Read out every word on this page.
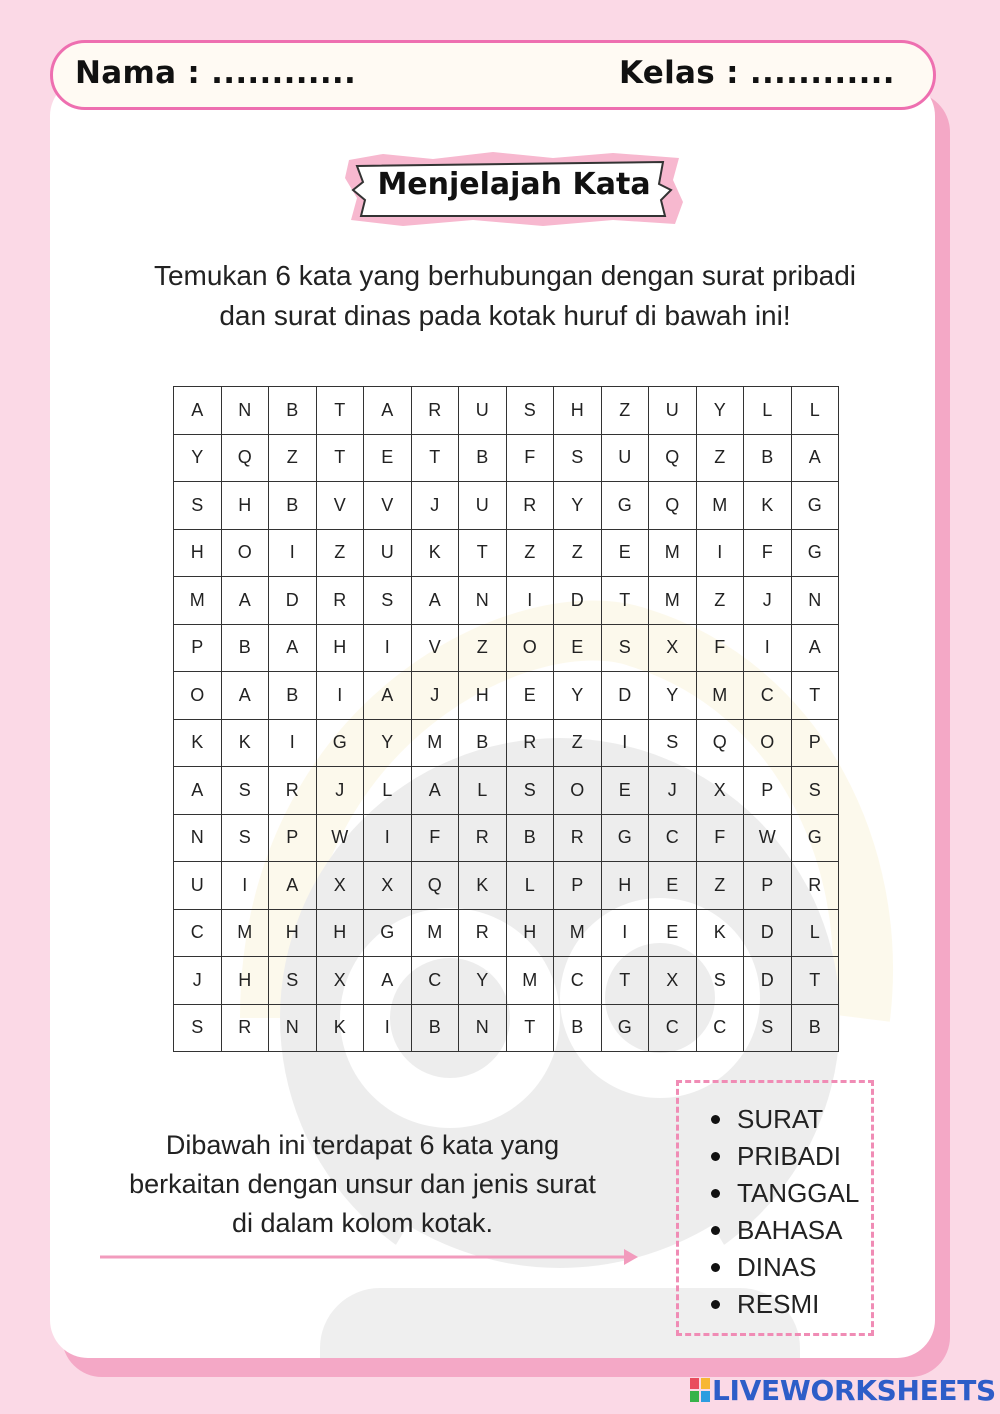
Nama : ............	Kelas : ............
Menjelajah Kata
Temukan 6 kata yang berhubungan dengan surat pribadi
dan surat dinas pada kotak huruf di bawah ini!
A	N	B	T	A	R	U	S	H	Z	U	Y	L	L
Y	Q	Z	T	E	T	B	F	S	U	Q	Z	B	A
S	H	B	V	V	J	U	R	Y	G	Q	M	K	G
H	O	I	Z	U	K	T	Z	Z	E	M	I	F	G
M	A	D	R	S	A	N	I	D	T	M	Z	J	N
P	B	A	H	I	V	Z	O	E	S	X	F	I	A
O	A	B	I	A	J	H	E	Y	D	Y	M	C	T
K	K	I	G	Y	M	B	R	Z	I	S	Q	O	P
A	S	R	J	L	A	L	S	O	E	J	X	P	S
N	S	P	W	I	F	R	B	R	G	C	F	W	G
U	I	A	X	X	Q	K	L	P	H	E	Z	P	R
C	M	H	H	G	M	R	H	M	I	E	K	D	L
J	H	S	X	A	C	Y	M	C	T	X	S	D	T
S	R	N	K	I	B	N	T	B	G	C	C	S	B
Dibawah ini terdapat 6 kata yang
berkaitan dengan unsur dan jenis surat
di dalam kolom kotak.
SURAT
PRIBADI
TANGGAL
BAHASA
DINAS
RESMI
LIVEWORKSHEETS
